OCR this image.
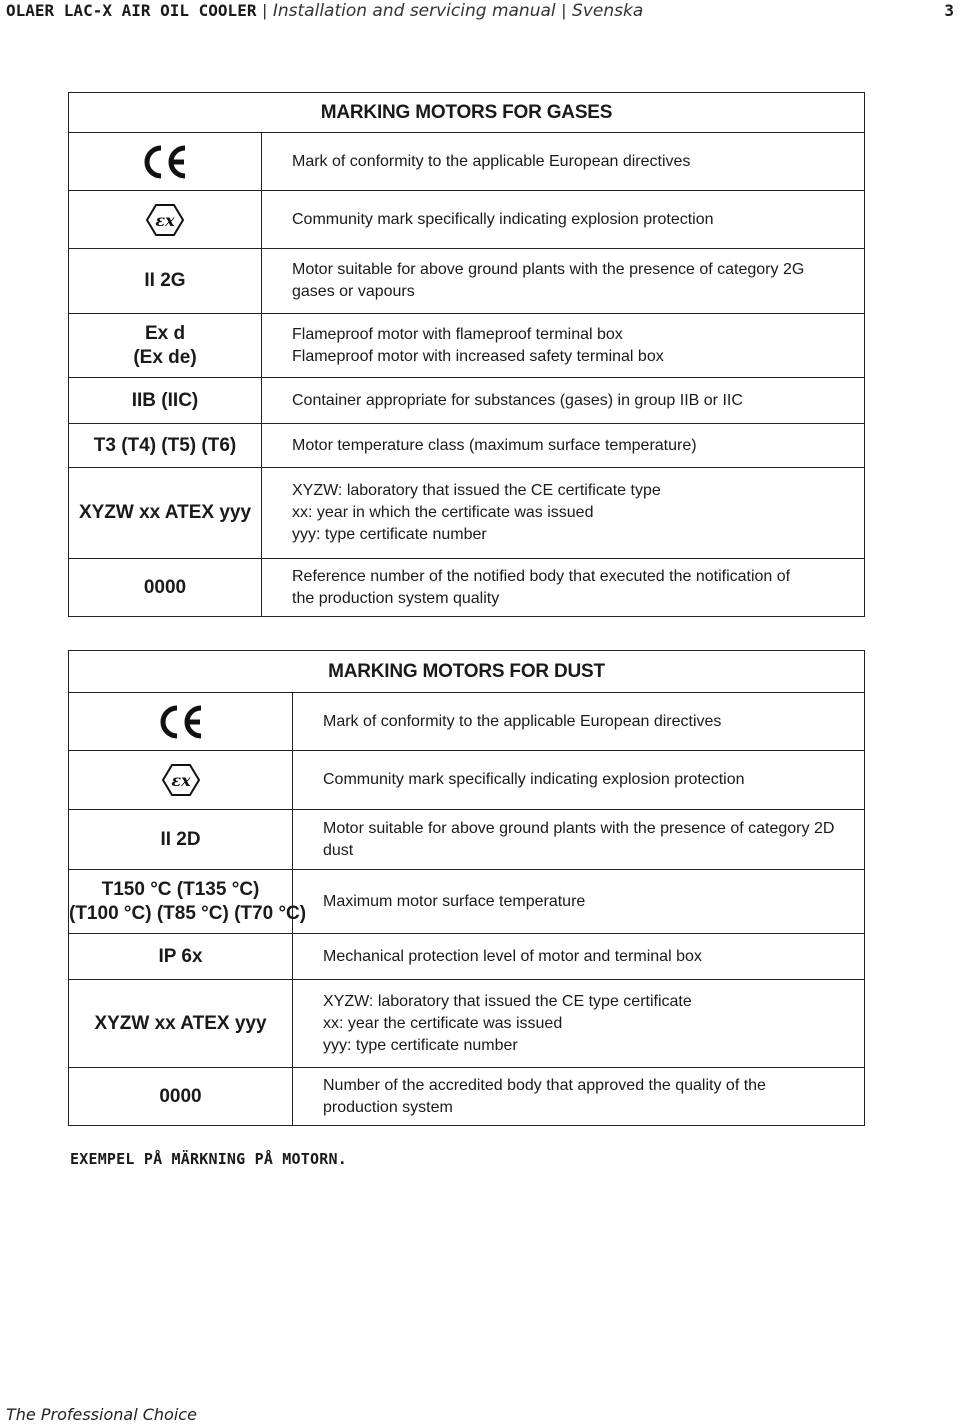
OLAER LAC-X AIR OIL COOLER | Installation and servicing manual | Svenska	3
MARKING MOTORS FOR GASES	

Mark of conformity to the applicable European directives

εx	Community mark specifically indicating explosion protection

II 2G	Motor suitable for above ground plants with the presence of category 2G
gases or vapours

Ex d
(Ex de)	Flameproof motor with flameproof terminal box
Flameproof motor with increased safety terminal box

IIB (IIC)	Container appropriate for substances (gases) in group IIB or IIC

T3 (T4) (T5) (T6)	Motor temperature class (maximum surface temperature)

XYZW xx ATEX yyy	XYZW: laboratory that issued the CE certificate type
xx: year in which the certificate was issued
yyy: type certificate number

0000	Reference number of the notified body that executed the notification of
the production system quality
MARKING MOTORS FOR DUST	

Mark of conformity to the applicable European directives

εx	Community mark specifically indicating explosion protection

II 2D	Motor suitable for above ground plants with the presence of category 2D
dust

T150 °C (T135 °C)
(T100 °C) (T85 °C) (T70 °C)	Maximum motor surface temperature

IP 6x	Mechanical protection level of motor and terminal box

XYZW xx ATEX yyy	XYZW: laboratory that issued the CE type certificate
xx: year the certificate was issued
yyy: type certificate number

0000	Number of the accredited body that approved the quality of the
production system
EXEMPEL PÅ MÄRKNING PÅ MOTORN.
The Professional Choice
